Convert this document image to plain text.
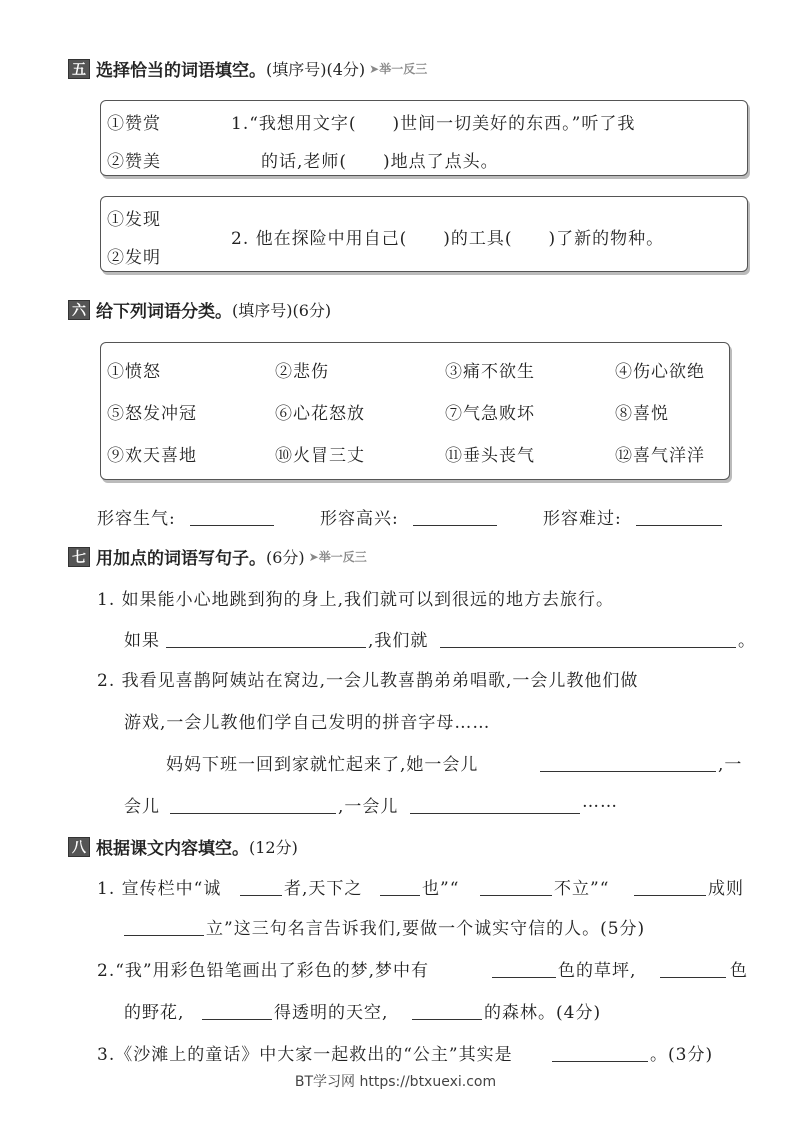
五 选择恰当的词语填空。 (填序号)(4分) ➤举一反三
①赞赏
②赞美
1.“我想用文字(　　)世间一切美好的东西。”听了我
的话,老师(　　)地点了点头。
①发现
②发明
2. 他在探险中用自己(　　)的工具(　　)了新的物种。
六 给下列词语分类。 (填序号)(6分)
①愤怒	②悲伤	③痛不欲生	④伤心欲绝
⑤怒发冲冠	⑥心花怒放	⑦气急败坏	⑧喜悦
⑨欢天喜地	⑩火冒三丈	⑪垂头丧气	⑫喜气洋洋
形容生气:	形容高兴:	形容难过:
七 用加点的词语写句子。 (6分) ➤举一反三
1. 如果能小心地跳到狗的身上,我们就可以到很远的地方去旅行。
如果	,我们就	。
2. 我看见喜鹊阿姨站在窝边,一会儿教喜鹊弟弟唱歌,一会儿教他们做
游戏,一会儿教他们学自己发明的拼音字母……
妈妈下班一回到家就忙起来了,她一会儿	,一
会儿	,一会儿	……
八 根据课文内容填空。 (12分)
1. 宣传栏中“诚	者,天下之	也”“	不立”“	成则
立”这三句名言告诉我们,要做一个诚实守信的人。(5分)
2.“我”用彩色铅笔画出了彩色的梦,梦中有	色的草坪,	色
的野花,	得透明的天空,	的森林。(4分)
3.《沙滩上的童话》中大家一起救出的“公主”其实是	。(3分)
BT学习网 https://btxuexi.com
